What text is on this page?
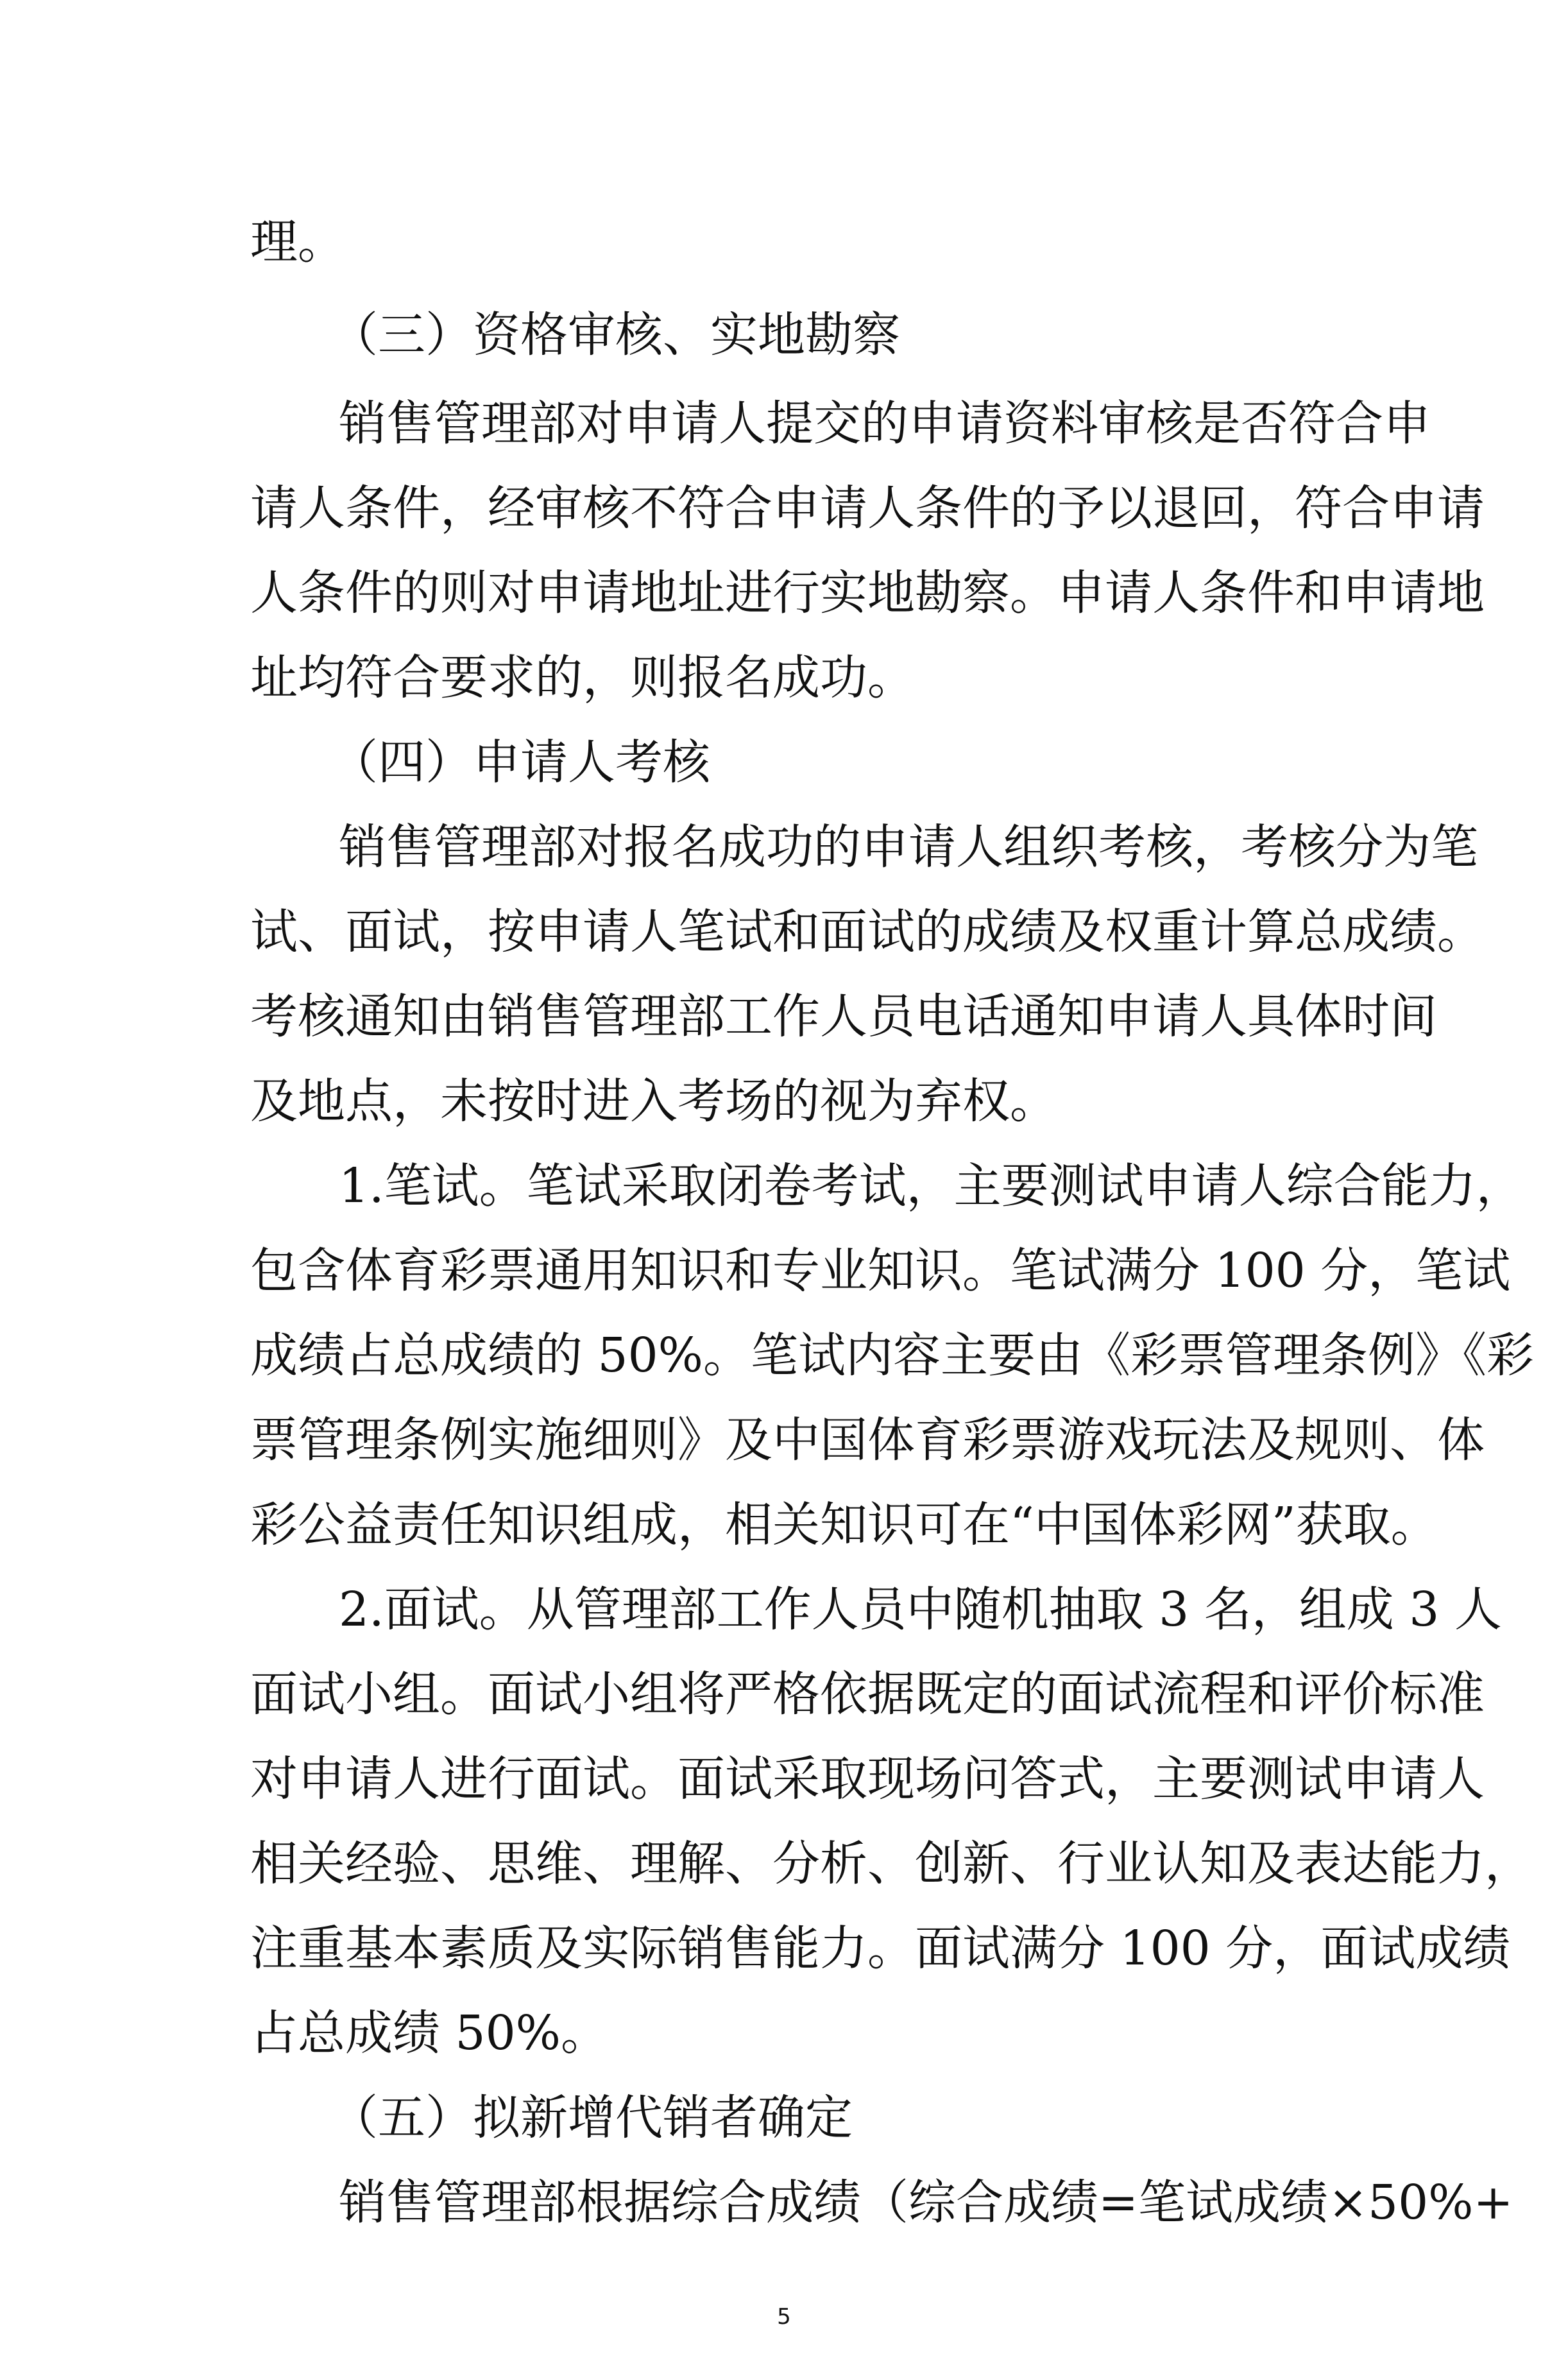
理。
（三）资格审核、实地勘察
销售管理部对申请人提交的申请资料审核是否符合申
请人条件，经审核不符合申请人条件的予以退回，符合申请
人条件的则对申请地址进行实地勘察。申请人条件和申请地
址均符合要求的，则报名成功。
（四）申请人考核
销售管理部对报名成功的申请人组织考核，考核分为笔
试、面试，按申请人笔试和面试的成绩及权重计算总成绩。
考核通知由销售管理部工作人员电话通知申请人具体时间
及地点，未按时进入考场的视为弃权。
1.笔试。笔试采取闭卷考试，主要测试申请人综合能力，
包含体育彩票通用知识和专业知识。笔试满分 100 分，笔试
成绩占总成绩的 50%。笔试内容主要由《彩票管理条例》《彩
票管理条例实施细则》及中国体育彩票游戏玩法及规则、体
彩公益责任知识组成，相关知识可在“中国体彩网”获取。
2.面试。从管理部工作人员中随机抽取 3 名，组成 3 人
面试小组。面试小组将严格依据既定的面试流程和评价标准
对申请人进行面试。面试采取现场问答式，主要测试申请人
相关经验、思维、理解、分析、创新、行业认知及表达能力，
注重基本素质及实际销售能力。面试满分 100 分，面试成绩
占总成绩 50%。
（五）拟新增代销者确定
销售管理部根据综合成绩（综合成绩=笔试成绩×50%+
5
